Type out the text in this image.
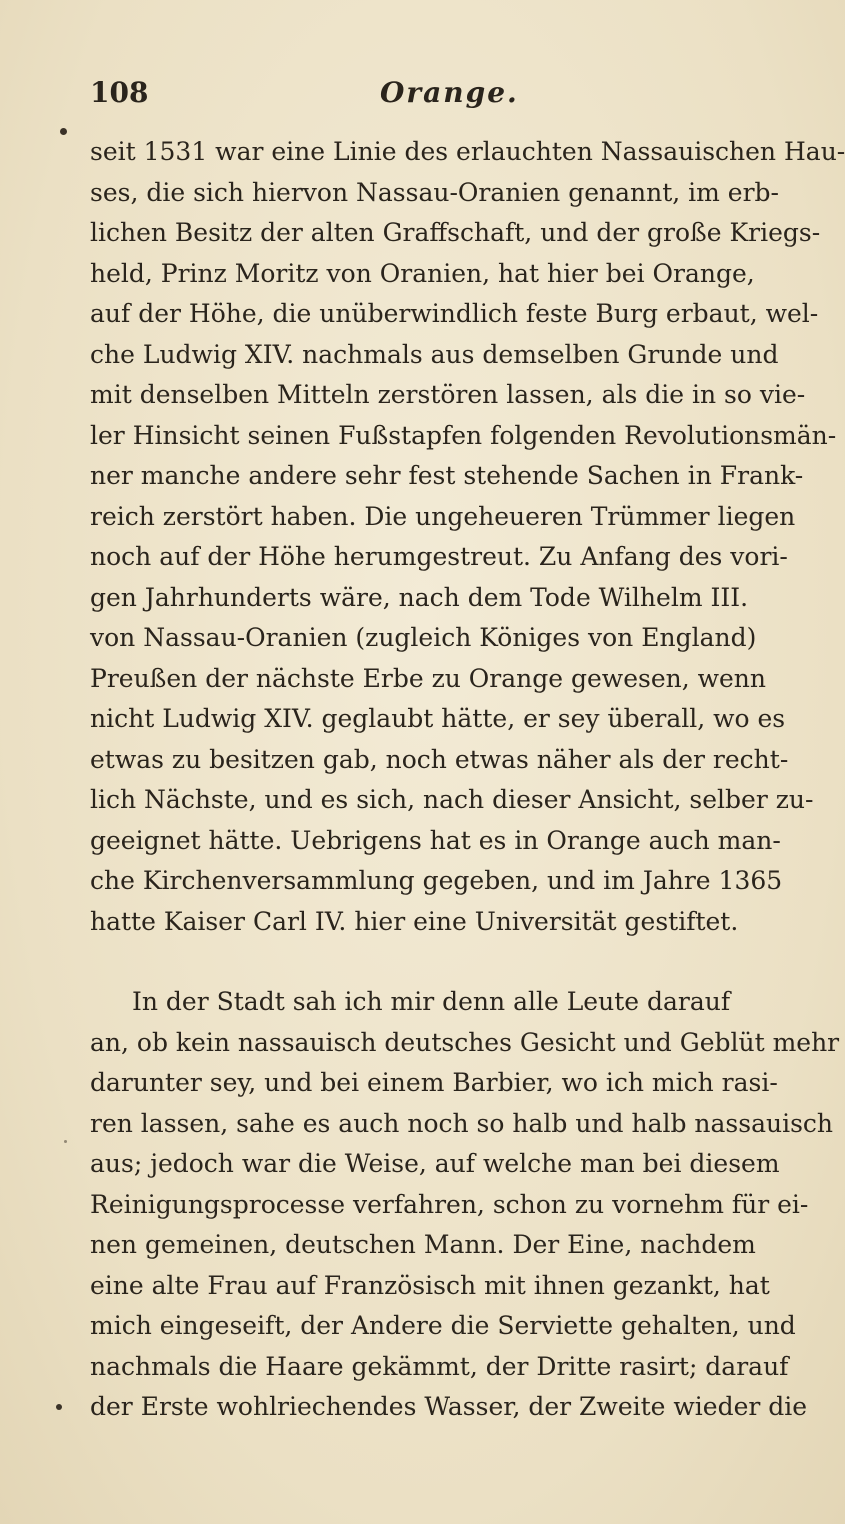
108	Orange.
seit 1531 war eine Linie des erlauchten Nassauischen Hau-
ses, die sich hiervon Nassau-Oranien genannt, im erb-
lichen Besitz der alten Graffschaft, und der große Kriegs-
held, Prinz Moritz von Oranien, hat hier bei Orange,
auf der Höhe, die unüberwindlich feste Burg erbaut, wel-
che Ludwig XIV. nachmals aus demselben Grunde und
mit denselben Mitteln zerstören lassen, als die in so vie-
ler Hinsicht seinen Fußstapfen folgenden Revolutionsmän-
ner manche andere sehr fest stehende Sachen in Frank-
reich zerstört haben. Die ungeheueren Trümmer liegen
noch auf der Höhe herumgestreut. Zu Anfang des vori-
gen Jahrhunderts wäre, nach dem Tode Wilhelm III.
von Nassau-Oranien (zugleich Königes von England)
Preußen der nächste Erbe zu Orange gewesen, wenn
nicht Ludwig XIV. geglaubt hätte, er sey überall, wo es
etwas zu besitzen gab, noch etwas näher als der recht-
lich Nächste, und es sich, nach dieser Ansicht, selber zu-
geeignet hätte. Uebrigens hat es in Orange auch man-
che Kirchenversammlung gegeben, und im Jahre 1365
hatte Kaiser Carl IV. hier eine Universität gestiftet.
In der Stadt sah ich mir denn alle Leute darauf
an, ob kein nassauisch deutsches Gesicht und Geblüt mehr
darunter sey, und bei einem Barbier, wo ich mich rasi-
ren lassen, sahe es auch noch so halb und halb nassauisch
aus; jedoch war die Weise, auf welche man bei diesem
Reinigungsprocesse verfahren, schon zu vornehm für ei-
nen gemeinen, deutschen Mann. Der Eine, nachdem
eine alte Frau auf Französisch mit ihnen gezankt, hat
mich eingeseift, der Andere die Serviette gehalten, und
nachmals die Haare gekämmt, der Dritte rasirt; darauf
der Erste wohlriechendes Wasser, der Zweite wieder die
